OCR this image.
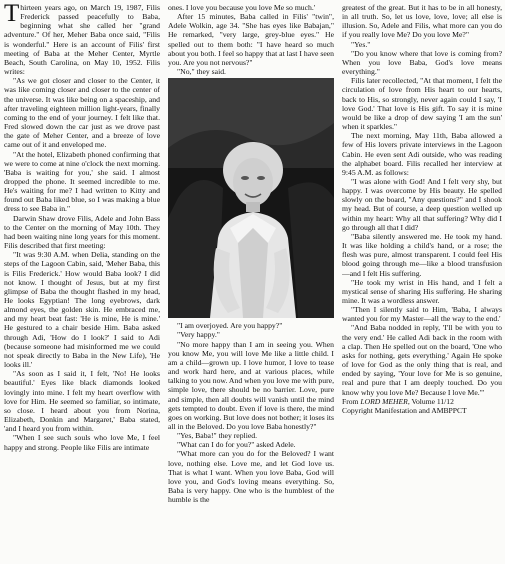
Thirteen years ago, on March 19, 1987, Filis Frederick passed peacefully to Baba, beginning what she called her "grand adventure." Of her, Meher Baba once said, "Filis is wonderful." Here is an account of Filis' first meeting of Baba at the Meher Center, Myrtle Beach, South Carolina, on May 10, 1952. Filis writes:

"As we got closer and closer to the Center, it was like coming closer and closer to the center of the universe. It was like being on a spaceship, and after traveling eighteen million light-years, finally coming to the end of your journey. I felt like that. Fred slowed down the car just as we drove past the gate of Meher Center, and a breeze of love came out of it and enveloped me.

"At the hotel, Elizabeth phoned confirming that we were to come at nine o'clock the next morning. 'Baba is waiting for you,' she said. I almost dropped the phone. It seemed incredible to me. He's waiting for me? I had written to Kitty and found out Baba liked blue, so I was making a blue dress to see Baba in."

Darwin Shaw drove Filis, Adele and John Bass to the Center on the morning of May 10th. They had been waiting nine long years for this moment. Filis described that first meeting:

"It was 9:30 A.M. when Delia, standing on the steps of the Lagoon Cabin, said, 'Meher Baba, this is Filis Frederick.' How would Baba look? I did not know. I thought of Jesus, but at my first glimpse of Baba the thought flashed in my head, He looks Egyptian! The long eyebrows, dark almond eyes, the golden skin. He embraced me, and my heart beat fast: 'He is mine, He is mine.' He gestured to a chair beside Him. Baba asked through Adi, 'How do I look?' I said to Adi (because someone had misinformed me we could not speak directly to Baba in the New Life), 'He looks ill.'

"As soon as I said it, I felt, 'No! He looks beautiful.' Eyes like black diamonds looked lovingly into mine. I felt my heart overflow with love for Him. He seemed so familiar, so intimate, so close. I heard about you from Norina, Elizabeth, Donkin and Margaret,' Baba stated, 'and I heard you from within.

"When I see such souls who love Me, I feel happy and strong. People like Filis are intimate

ones. I love you because you love Me so much.'

After 15 minutes, Baba called in Filis' "twin", Adele Wolkin, age 34. "She has eyes like Babajan," He remarked, "very large, grey-blue eyes." He spelled out to them both: "I have heard so much about you both. I feel so happy that at last I have seen you. Are you not nervous?"

"No," they said.

"I am overjoyed. Are you happy?"

"Very happy."

"No more happy than I am in seeing you. When you know Me, you will love Me like a little child. I am a child—grown up. I love humor, I love to tease and work hard here, and at various places, while talking to you now. And when you love me with pure, simple love, there should be no barrier. Love, pure and simple, then all doubts will vanish until the mind gets tempted to doubt. Even if love is there, the mind goes on working. But love does not bother; it loses its all in the Beloved. Do you love Baba honestly?"

"Yes, Baba!" they replied.

"What can I do for you?" asked Adele.

"What more can you do for the Beloved? I want love, nothing else. Love me, and let God love us. That is what I want. When you love Baba, God will love you, and God's loving means everything. So, Baba is very happy. One who is the humblest of the humble is the

greatest of the great. But it has to be in all honesty, in all truth. So, let us love, love, love; all else is illusion. So, Adele and Filis, what more can you do if you really love Me? Do you love Me?"

"Yes."

"Do you know where that love is coming from? When you love Baba, God's love means everything."

Filis later recollected, "At that moment, I felt the circulation of love from His heart to our hearts, back to His, so strongly, never again could I say, 'I love God.' That love is His gift. To say it is mine would be like a drop of dew saying 'I am the sun' when it sparkles."

The next morning, May 11th, Baba allowed a few of His lovers private interviews in the Lagoon Cabin. He even sent Adi outside, who was reading the alphabet board. Filis recalled her interview at 9:45 A.M. as follows:

"I was alone with God! And I felt very shy, but happy. I was overcome by His beauty. He spelled slowly on the board, "Any questions?" and I shook my head. But of course, a deep question welled up within my heart: Why all that suffering? Why did I go through all that I did?

"Baba silently answered me. He took my hand. It was like holding a child's hand, or a rose; the flesh was pure, almost transparent. I could feel His blood going through me—like a blood transfusion—and I felt His suffering.

"He took my wrist in His hand, and I felt a mystical sense of sharing His suffering. He sharing mine. It was a wordless answer.

"Then I silently said to Him, 'Baba, I always wanted you for my Master—all the way to the end.'

"And Baba nodded in reply, 'I'll be with you to the very end.' He called Adi back in the room with a clap. Then He spelled out on the board, 'One who asks for nothing, gets everything.' Again He spoke of love for God as the only thing that is real, and ended by saying, 'Your love for Me is so genuine, real and pure that I am deeply touched. Do you know why you love Me? Because I love Me.'"

From LORD MEHER, Volume 11/12
Copyright Manifestation and AMBPPCT
